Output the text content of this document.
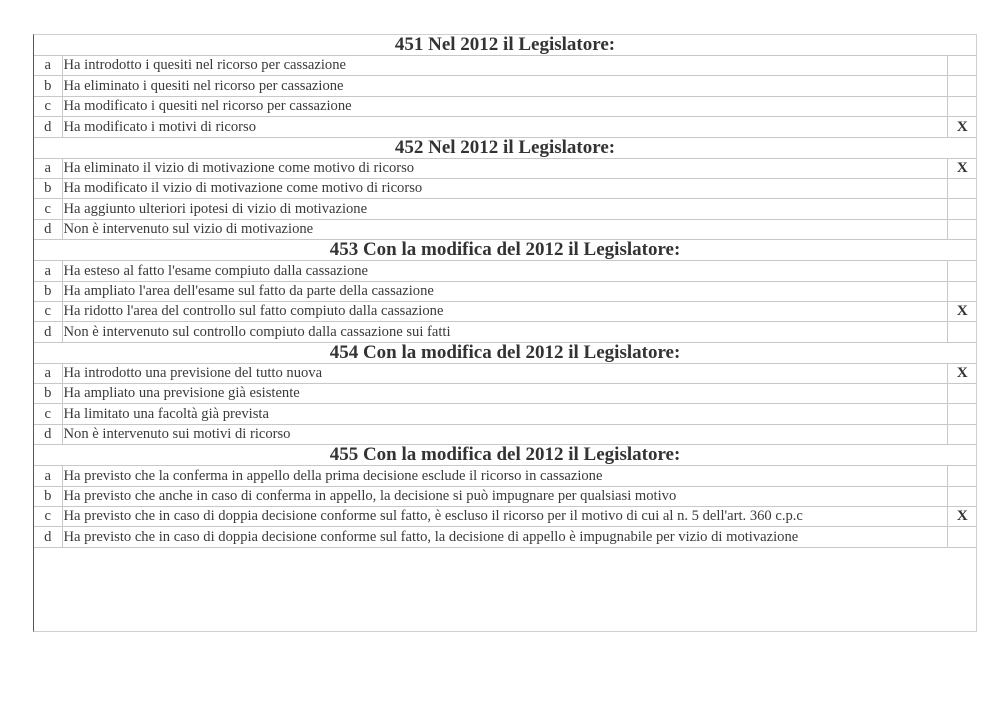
451 Nel 2012 il Legislatore:		
a	Ha introdotto i quesiti nel ricorso per cassazione	
b	Ha eliminato i quesiti nel ricorso per cassazione	
c	Ha modificato i quesiti nel ricorso per cassazione	
d	Ha modificato i motivi di ricorso	X
452 Nel 2012 il Legislatore:		
a	Ha eliminato il vizio di motivazione come motivo di ricorso	X
b	Ha modificato il vizio di motivazione come motivo di ricorso	
c	Ha aggiunto ulteriori ipotesi di vizio di motivazione	
d	Non è intervenuto sul vizio di motivazione	
453 Con la modifica del 2012 il Legislatore:		
a	Ha esteso al fatto l'esame compiuto dalla cassazione	
b	Ha ampliato l'area dell'esame sul fatto da parte della cassazione	
c	Ha ridotto l'area del controllo sul fatto compiuto dalla cassazione	X
d	Non è intervenuto sul controllo compiuto dalla cassazione sui fatti	
454 Con la modifica del 2012 il Legislatore:		
a	Ha introdotto una previsione del tutto nuova	X
b	Ha ampliato una previsione già esistente	
c	Ha limitato una facoltà già prevista	
d	Non è intervenuto sui motivi di ricorso	
455 Con la modifica del 2012 il Legislatore:		
a	Ha previsto che la conferma in appello della prima decisione esclude il ricorso in cassazione	
b	Ha previsto che anche in caso di conferma in appello, la decisione si può impugnare per qualsiasi motivo	
c	Ha previsto che in caso di doppia decisione conforme sul fatto, è escluso il ricorso per il motivo di cui al n. 5 dell'art. 360 c.p.c	X
d	Ha previsto che in caso di doppia decisione conforme sul fatto, la decisione di appello è impugnabile per vizio di motivazione	
